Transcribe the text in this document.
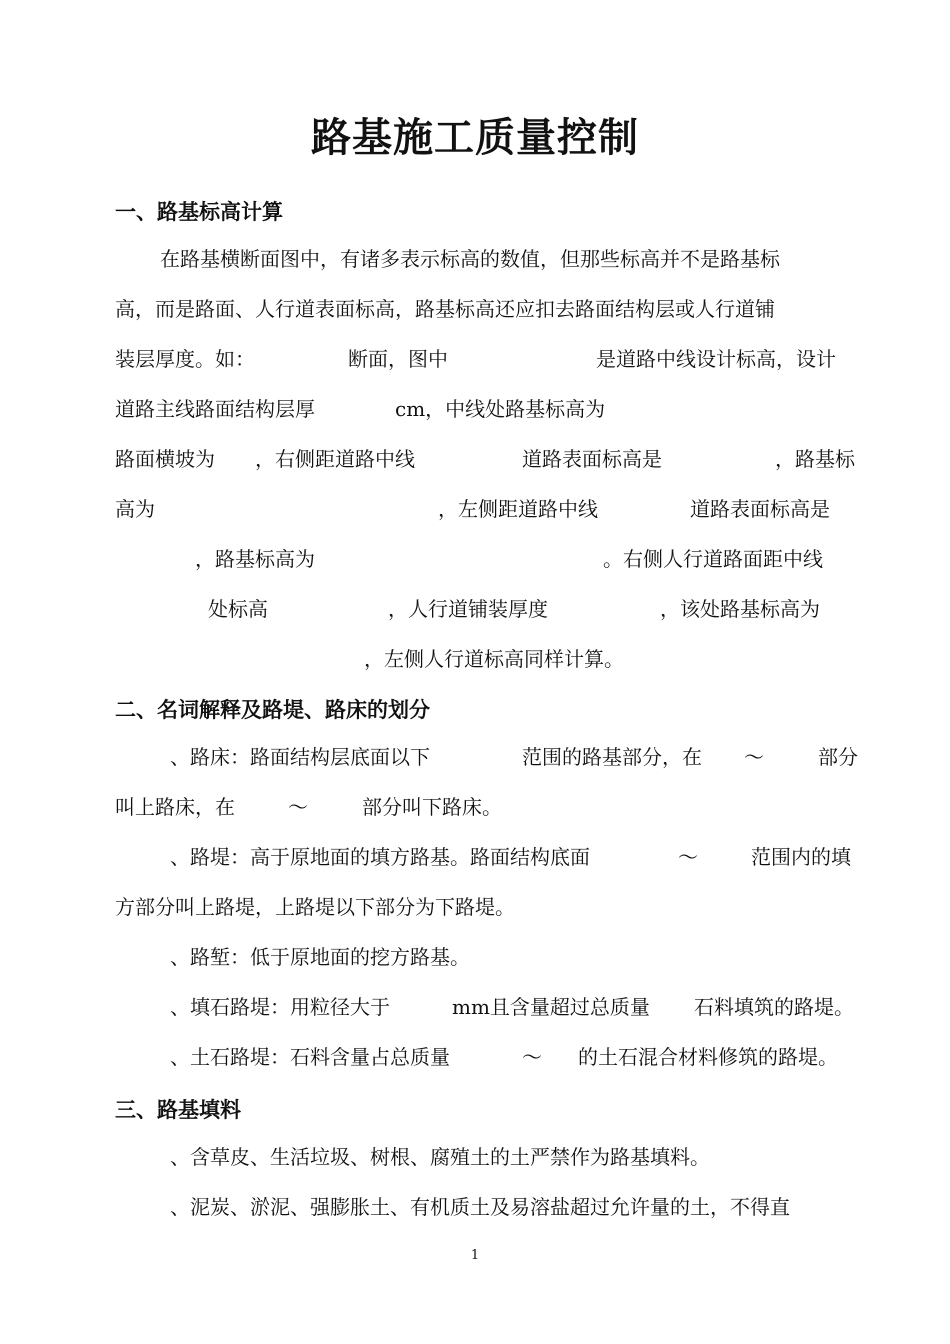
路基施工质量控制
一、路基标高计算
在路基横断面图中，有诸多表示标高的数值，但那些标高并不是路基标
高，而是路面、人行道表面标高，路基标高还应扣去路面结构层或人行道铺
装层厚度。如：	断面，图中	是道路中线设计标高，设计
道路主线路面结构层厚	cm，中线处路基标高为
路面横坡为 ，右侧距道路中线	道路表面标高是	，路基标
高为	，左侧距道路中线	道路表面标高是
，路基标高为	。右侧人行道路面距中线
处标高	，人行道铺装厚度	，该处路基标高为
，左侧人行道标高同样计算。
二、名词解释及路堤、路床的划分
、路床：路面结构层底面以下	范围的路基部分，在 ～	部分
叫上路床，在	～	部分叫下路床。
、路堤：高于原地面的填方路基。路面结构底面	～	范围内的填
方部分叫上路堤，上路堤以下部分为下路堤。
、路堑：低于原地面的挖方路基。
、填石路堤：用粒径大于	mm且含量超过总质量 石料填筑的路堤。
、土石路堤：石料含量占总质量	～ 的土石混合材料修筑的路堤。
三、路基填料
、含草皮、生活垃圾、树根、腐殖土的土严禁作为路基填料。
、泥炭、淤泥、强膨胀土、有机质土及易溶盐超过允许量的土，不得直
1
